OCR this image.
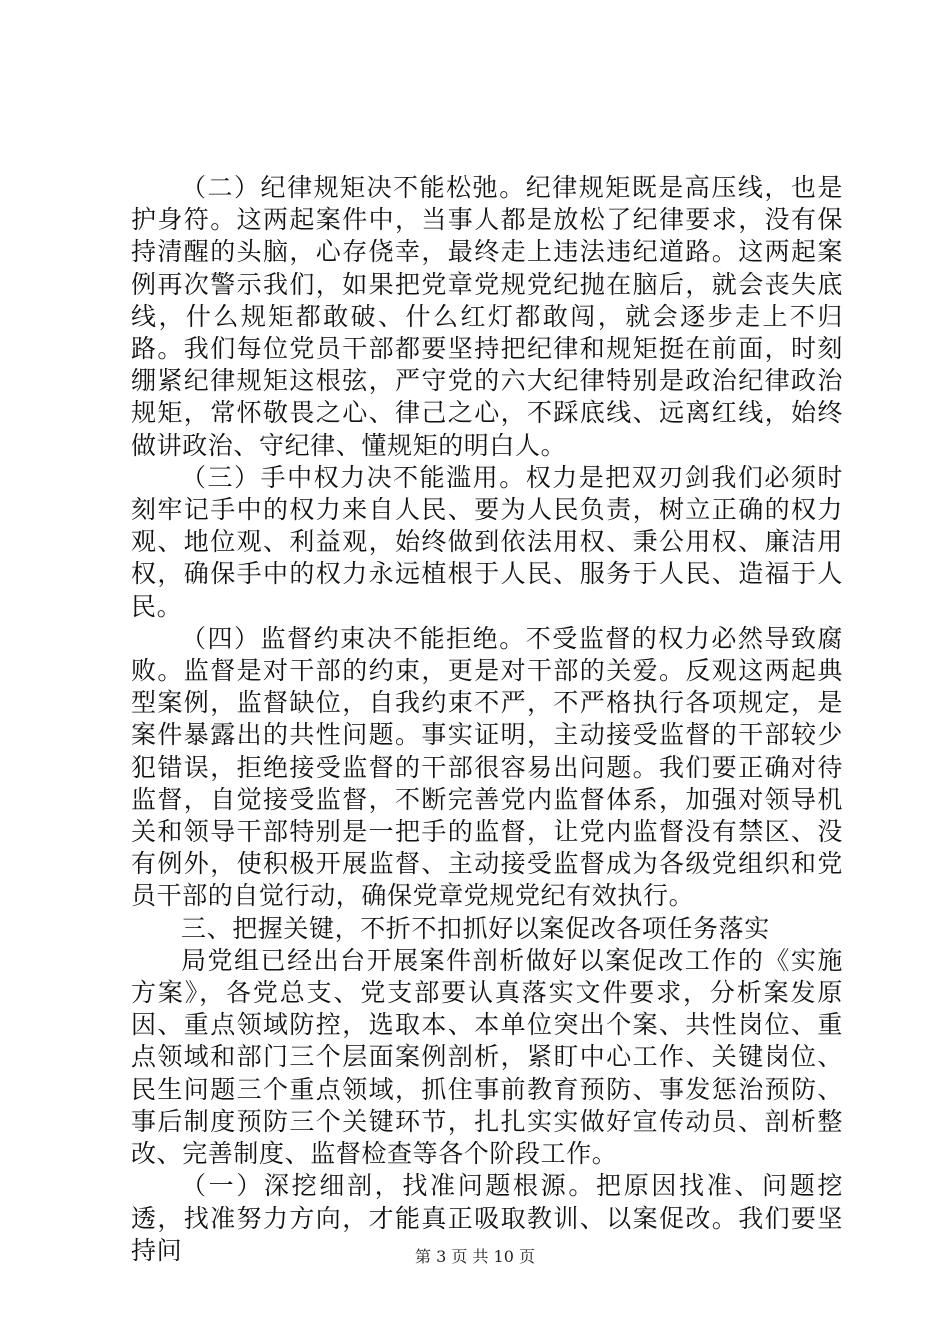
（二）纪律规矩决不能松弛。纪律规矩既是高压线，也是护身符。这两起案件中，当事人都是放松了纪律要求，没有保持清醒的头脑，心存侥幸，最终走上违法违纪道路。这两起案例再次警示我们，如果把党章党规党纪抛在脑后，就会丧失底线，什么规矩都敢破、什么红灯都敢闯，就会逐步走上不归路。我们每位党员干部都要坚持把纪律和规矩挺在前面，时刻绷紧纪律规矩这根弦，严守党的六大纪律特别是政治纪律政治规矩，常怀敬畏之心、律己之心，不踩底线、远离红线，始终做讲政治、守纪律、懂规矩的明白人。

（三）手中权力决不能滥用。权力是把双刃剑我们必须时刻牢记手中的权力来自人民、要为人民负责，树立正确的权力观、地位观、利益观，始终做到依法用权、秉公用权、廉洁用权，确保手中的权力永远植根于人民、服务于人民、造福于人民。

（四）监督约束决不能拒绝。不受监督的权力必然导致腐败。监督是对干部的约束，更是对干部的关爱。反观这两起典型案例，监督缺位，自我约束不严，不严格执行各项规定，是案件暴露出的共性问题。事实证明，主动接受监督的干部较少犯错误，拒绝接受监督的干部很容易出问题。我们要正确对待监督，自觉接受监督，不断完善党内监督体系，加强对领导机关和领导干部特别是一把手的监督，让党内监督没有禁区、没有例外，使积极开展监督、主动接受监督成为各级党组织和党员干部的自觉行动，确保党章党规党纪有效执行。

三、把握关键，不折不扣抓好以案促改各项任务落实

局党组已经出台开展案件剖析做好以案促改工作的《实施方案》，各党总支、党支部要认真落实文件要求，分析案发原因、重点领域防控，选取本、本单位突出个案、共性岗位、重点领域和部门三个层面案例剖析，紧盯中心工作、关键岗位、民生问题三个重点领域，抓住事前教育预防、事发惩治预防、事后制度预防三个关键环节，扎扎实实做好宣传动员、剖析整改、完善制度、监督检查等各个阶段工作。

（一）深挖细剖，找准问题根源。把原因找准、问题挖透，找准努力方向，才能真正吸取教训、以案促改。我们要坚持问	第 3 页 共 10 页
